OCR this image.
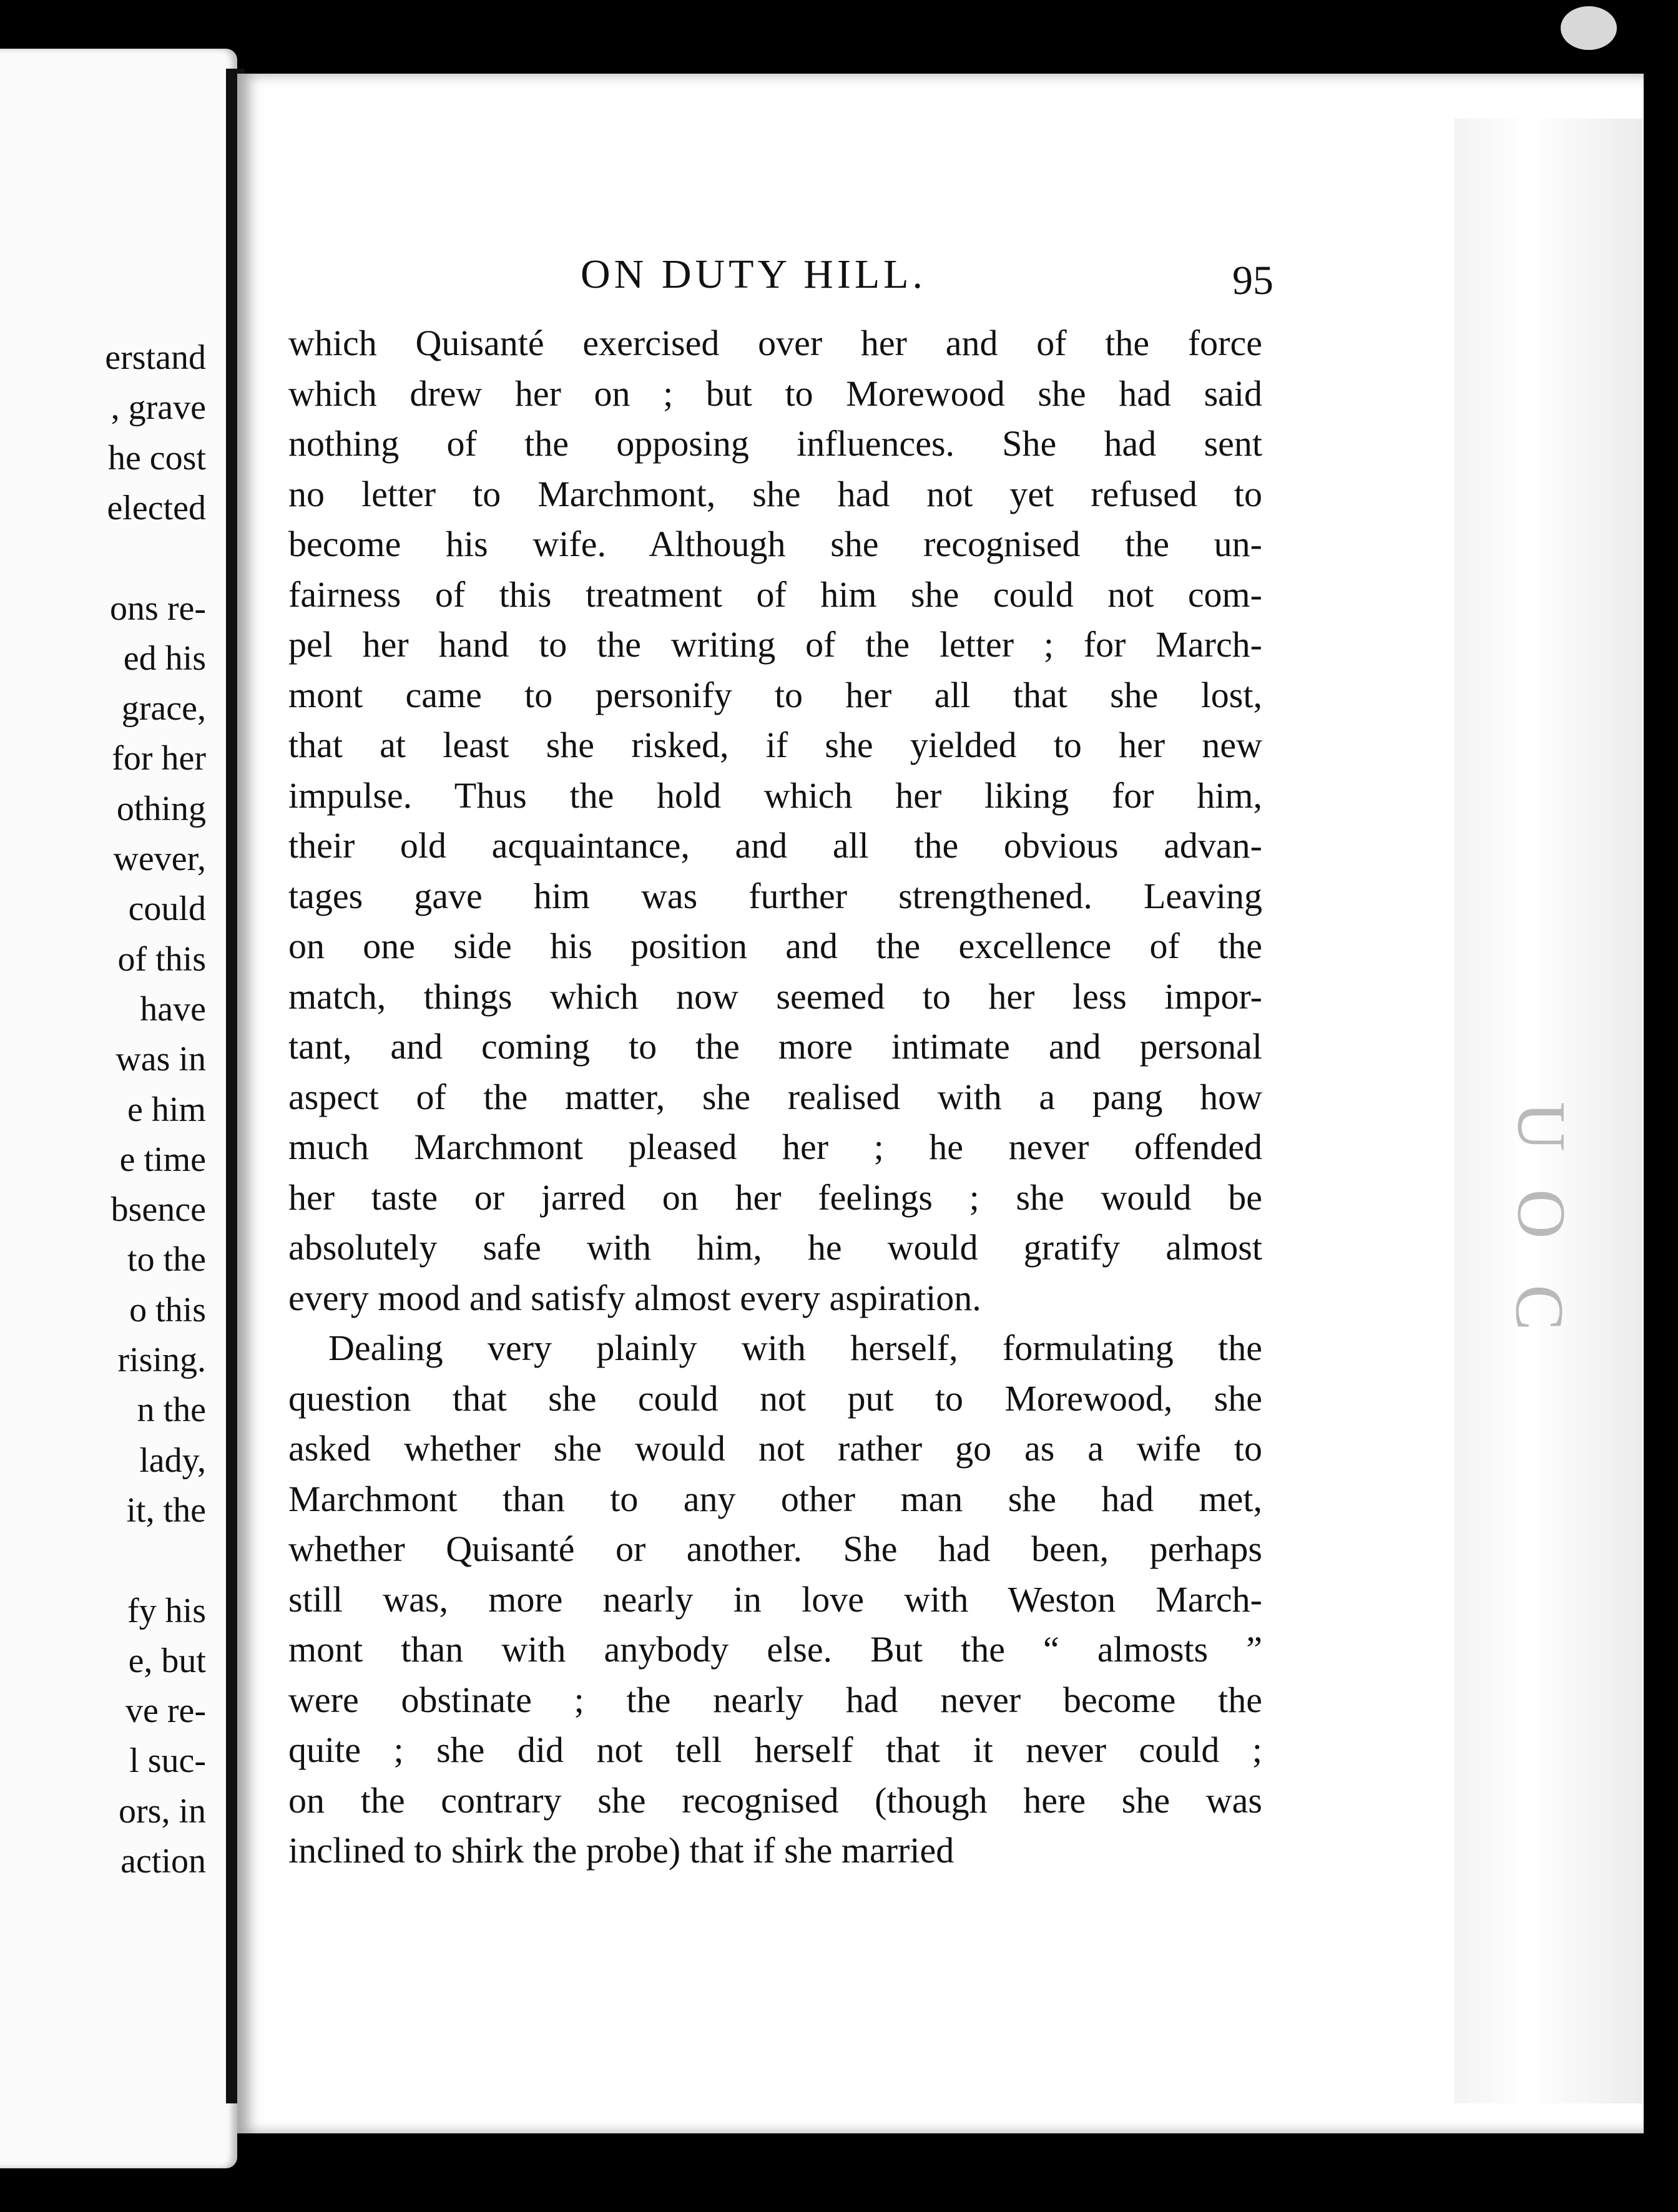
erstand
, grave
he cost
elected
ons re-
ed his
grace,
for her
othing
wever,
could
of this
have
was in
e him
e time
bsence
to the
o this
rising.
n the
lady,
it, the
fy his
e, but
ve re-
l suc-
ors, in
action
U
O
C
ON DUTY HILL.	95
which Quisanté exercised over her and of the force
which drew her on ; but to Morewood she had said
nothing of the opposing influences. She had sent
no letter to Marchmont, she had not yet refused to
become his wife. Although she recognised the un-
fairness of this treatment of him she could not com-
pel her hand to the writing of the letter ; for March-
mont came to personify to her all that she lost,
that at least she risked, if she yielded to her new
impulse. Thus the hold which her liking for him,
their old acquaintance, and all the obvious advan-
tages gave him was further strengthened. Leaving
on one side his position and the excellence of the
match, things which now seemed to her less impor-
tant, and coming to the more intimate and personal
aspect of the matter, she realised with a pang how
much Marchmont pleased her ; he never offended
her taste or jarred on her feelings ; she would be
absolutely safe with him, he would gratify almost
every mood and satisfy almost every aspiration.
Dealing very plainly with herself, formulating the
question that she could not put to Morewood, she
asked whether she would not rather go as a wife to
Marchmont than to any other man she had met,
whether Quisanté or another. She had been, perhaps
still was, more nearly in love with Weston March-
mont than with anybody else. But the “ almosts ”
were obstinate ; the nearly had never become the
quite ; she did not tell herself that it never could ;
on the contrary she recognised (though here she was
inclined to shirk the probe) that if she married
